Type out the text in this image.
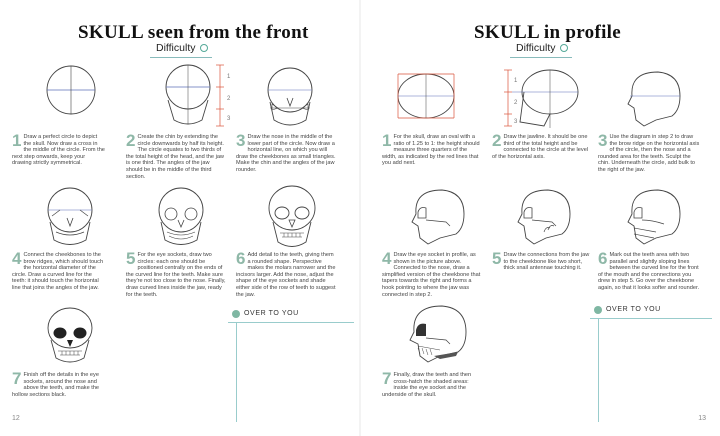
SKULL seen from the front
Difficulty
1
2
3
1 Draw a perfect circle to depict the skull. Now draw a cross in the middle of the circle. From the next step onwards, keep your drawing strictly symmetrical.
2 Create the chin by extending the circle downwards by half its height. The circle equates to two thirds of the total height of the head, and the jaw is one third. The angles of the jaw should be in the middle of the third section.
3 Draw the nose in the middle of the lower part of the circle. Now draw a horizontal line, on which you will draw the cheekbones as small triangles. Make the chin and the angles of the jaw rounder.
4 Connect the cheekbones to the brow ridges, which should touch the horizontal diameter of the circle. Draw a curved line for the teeth: it should touch the horizontal line that joins the angles of the jaw.
5 For the eye sockets, draw two circles: each one should be positioned centrally on the ends of the curved line for the teeth. Make sure they're not too close to the nose. Finally, draw curved lines inside the jaw, ready for the teeth.
6 Add detail to the teeth, giving them a rounded shape. Perspective makes the molars narrower and the incisors larger. Add the nose, adjust the shape of the eye sockets and shade either side of the row of teeth to suggest the jaw.
7 Finish off the details in the eye sockets, around the nose and above the teeth, and make the hollow sections black.
OVER TO YOU
12
SKULL in profile
Difficulty
1
2
3
1 For the skull, draw an oval with a ratio of 1.25 to 1: the height should measure three quarters of the width, as indicated by the red lines that you add next.
2 Draw the jawline. It should be one third of the total height and be connected to the circle at the level of the horizontal axis.
3 Use the diagram in step 2 to draw the brow ridge on the horizontal axis of the circle, then the nose and a rounded area for the teeth. Sculpt the chin. Underneath the circle, add bulk to the right of the jaw.
4 Draw the eye socket in profile, as shown in the picture above. Connected to the nose, draw a simplified version of the cheekbone that tapers towards the right and forms a hook pointing to where the jaw was connected in step 2.
5 Draw the connections from the jaw to the cheekbone like two short, thick snail antennae touching it.
6 Mark out the teeth area with two parallel and slightly sloping lines between the curved line for the front of the mouth and the connections you drew in step 5. Go over the cheekbone again, so that it looks softer and rounder.
7 Finally, draw the teeth and then cross-hatch the shaded areas: inside the eye socket and the underside of the skull.
OVER TO YOU
13
